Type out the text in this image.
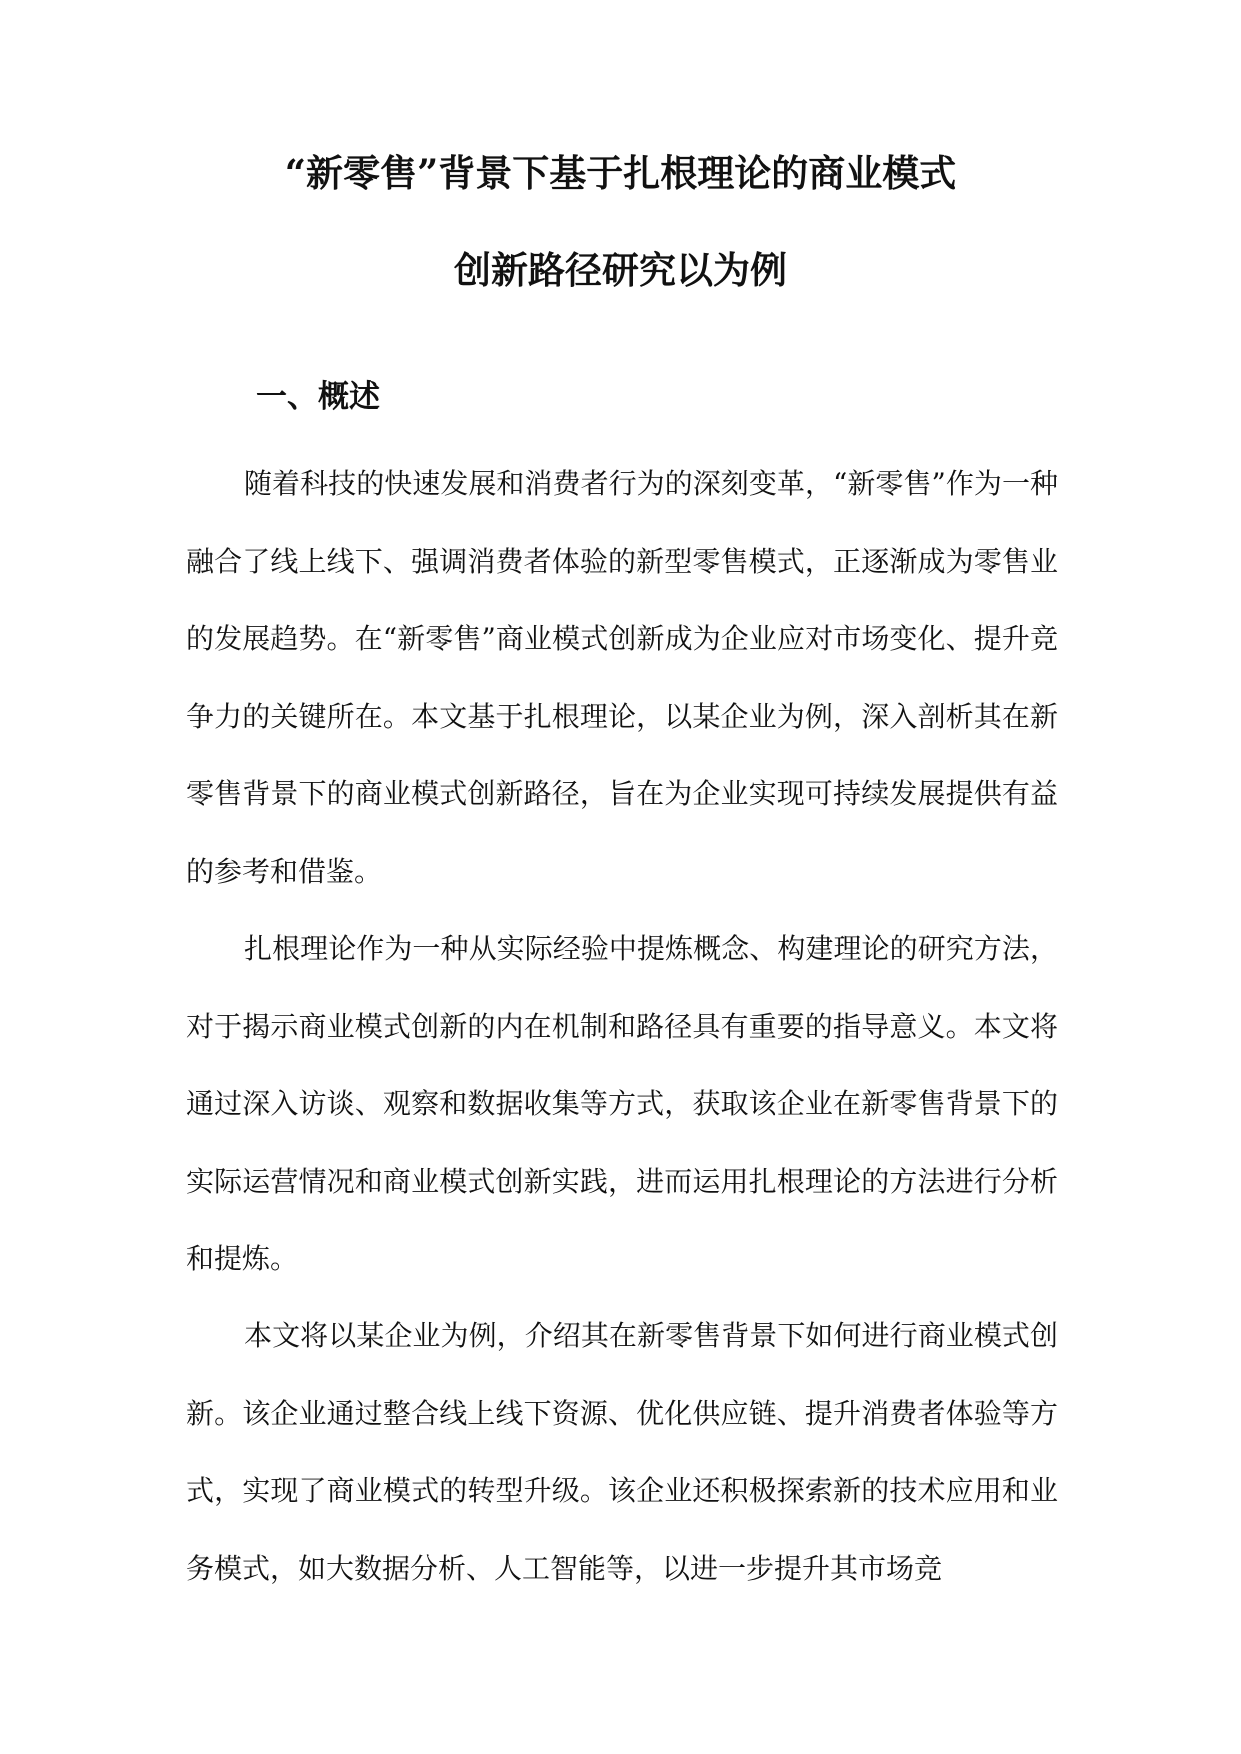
“新零售”背景下基于扎根理论的商业模式
创新路径研究以为例
一、概述

随着科技的快速发展和消费者行为的深刻变革，“新零售”作为一种融合了线上线下、强调消费者体验的新型零售模式，正逐渐成为零售业的发展趋势。在“新零售”商业模式创新成为企业应对市场变化、提升竞争力的关键所在。本文基于扎根理论，以某企业为例，深入剖析其在新零售背景下的商业模式创新路径，旨在为企业实现可持续发展提供有益的参考和借鉴。

扎根理论作为一种从实际经验中提炼概念、构建理论的研究方法，对于揭示商业模式创新的内在机制和路径具有重要的指导意义。本文将通过深入访谈、观察和数据收集等方式，获取该企业在新零售背景下的实际运营情况和商业模式创新实践，进而运用扎根理论的方法进行分析和提炼。

本文将以某企业为例，介绍其在新零售背景下如何进行商业模式创新。该企业通过整合线上线下资源、优化供应链、提升消费者体验等方式，实现了商业模式的转型升级。该企业还积极探索新的技术应用和业务模式，如大数据分析、人工智能等，以进一步提升其市场竞
